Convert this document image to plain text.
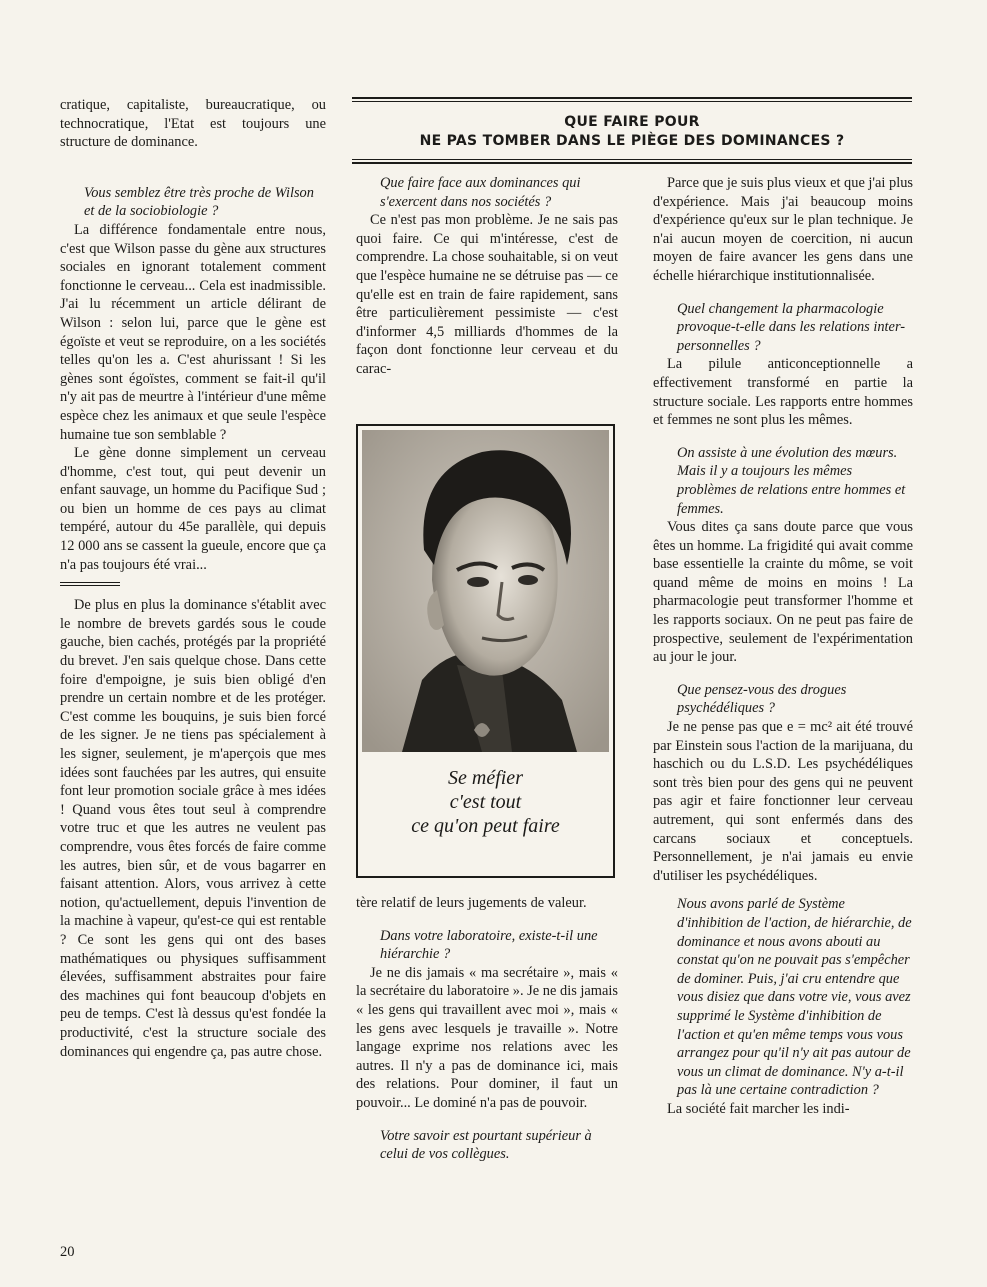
cratique, capitaliste, bureaucratique, ou technocratique, l'Etat est toujours une structure de dominance.

Vous semblez être très proche de Wilson et de la sociobiologie ?

La différence fondamentale entre nous, c'est que Wilson passe du gène aux structures sociales en ignorant totalement comment fonctionne le cerveau... Cela est inadmissible. J'ai lu récemment un article délirant de Wilson : selon lui, parce que le gène est égoïste et veut se reproduire, on a les sociétés telles qu'on les a. C'est ahurissant ! Si les gènes sont égoïstes, comment se fait-il qu'il n'y ait pas de meurtre à l'intérieur d'une même espèce chez les animaux et que seule l'espèce humaine tue son semblable ?

Le gène donne simplement un cerveau d'homme, c'est tout, qui peut devenir un enfant sauvage, un homme du Pacifique Sud ; ou bien un homme de ces pays au climat tempéré, autour du 45e parallèle, qui depuis 12 000 ans se cassent la gueule, encore que ça n'a pas toujours été vrai...

De plus en plus la dominance s'établit avec le nombre de brevets gardés sous le coude gauche, bien cachés, protégés par la propriété du brevet. J'en sais quelque chose. Dans cette foire d'empoigne, je suis bien obligé d'en prendre un certain nombre et de les protéger. C'est comme les bouquins, je suis bien forcé de les signer. Je ne tiens pas spécialement à les signer, seulement, je m'aperçois que mes idées sont fauchées par les autres, qui ensuite font leur promotion sociale grâce à mes idées ! Quand vous êtes tout seul à comprendre votre truc et que les autres ne veulent pas comprendre, vous êtes forcés de faire comme les autres, bien sûr, et de vous bagarrer en faisant attention. Alors, vous arrivez à cette notion, qu'actuellement, depuis l'invention de la machine à vapeur, qu'est-ce qui est rentable ? Ce sont les gens qui ont des bases mathématiques ou physiques suffisamment élevées, suffisamment abstraites pour faire des machines qui font beaucoup d'objets en peu de temps. C'est là dessus qu'est fondée la productivité, c'est la structure sociale des dominances qui engendre ça, pas autre chose.

QUE FAIRE POUR
NE PAS TOMBER DANS LE PIÈGE DES DOMINANCES ?

Que faire face aux dominances qui s'exercent dans nos sociétés ?

Ce n'est pas mon problème. Je ne sais pas quoi faire. Ce qui m'intéresse, c'est de comprendre. La chose souhaitable, si on veut que l'espèce humaine ne se détruise pas — ce qu'elle est en train de faire rapidement, sans être particulièrement pessimiste — c'est d'informer 4,5 milliards d'hommes de la façon dont fonctionne leur cerveau et du carac-

Se méfier
c'est tout
ce qu'on peut faire

tère relatif de leurs jugements de valeur.

Dans votre laboratoire, existe-t-il une hiérarchie ?

Je ne dis jamais « ma secrétaire », mais « la secrétaire du laboratoire ». Je ne dis jamais « les gens qui travaillent avec moi », mais « les gens avec lesquels je travaille ». Notre langage exprime nos relations avec les autres. Il n'y a pas de dominance ici, mais des relations. Pour dominer, il faut un pouvoir... Le dominé n'a pas de pouvoir.

Votre savoir est pourtant supérieur à celui de vos collègues.

Parce que je suis plus vieux et que j'ai plus d'expérience. Mais j'ai beaucoup moins d'expérience qu'eux sur le plan technique. Je n'ai aucun moyen de coercition, ni aucun moyen de faire avancer les gens dans une échelle hiérarchique institutionnalisée.

Quel changement la pharmacologie provoque-t-elle dans les relations inter-personnelles ?

La pilule anticonceptionnelle a effectivement transformé en partie la structure sociale. Les rapports entre hommes et femmes ne sont plus les mêmes.

On assiste à une évolution des mœurs. Mais il y a toujours les mêmes problèmes de relations entre hommes et femmes.

Vous dites ça sans doute parce que vous êtes un homme. La frigidité qui avait comme base essentielle la crainte du môme, se voit quand même de moins en moins ! La pharmacologie peut transformer l'homme et les rapports sociaux. On ne peut pas faire de prospective, seulement de l'expérimentation au jour le jour.

Que pensez-vous des drogues psychédéliques ?

Je ne pense pas que e = mc² ait été trouvé par Einstein sous l'action de la marijuana, du haschich ou du L.S.D. Les psychédéliques sont très bien pour des gens qui ne peuvent pas agir et faire fonctionner leur cerveau autrement, qui sont enfermés dans des carcans sociaux et conceptuels. Personnellement, je n'ai jamais eu envie d'utiliser les psychédéliques.

Nous avons parlé de Système d'inhibition de l'action, de hiérarchie, de dominance et nous avons abouti au constat qu'on ne pouvait pas s'empêcher de dominer. Puis, j'ai cru entendre que vous disiez que dans votre vie, vous avez supprimé le Système d'inhibition de l'action et qu'en même temps vous vous arrangez pour qu'il n'y ait pas autour de vous un climat de dominance. N'y a-t-il pas là une certaine contradiction ?

La société fait marcher les indi-

20
